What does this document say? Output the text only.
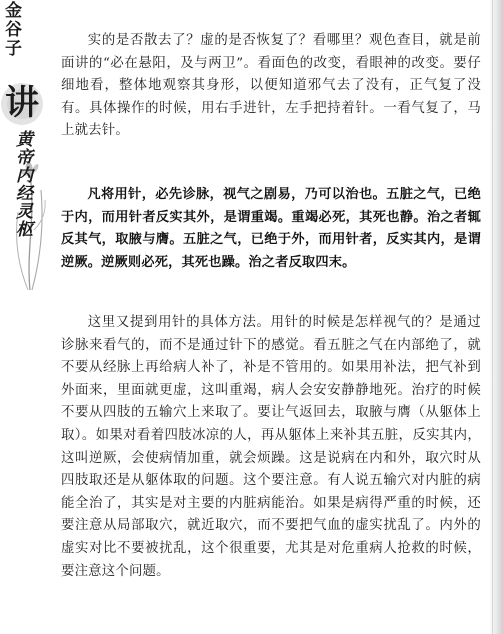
金
谷
子
讲
黄
帝
内
经
灵
枢

实的是否散去了？虚的是否恢复了？看哪里？观色查目，就是前面讲的“必在悬阳，及与两卫”。看面色的改变，看眼神的改变。要仔细地看，整体地观察其身形，以便知道邪气去了没有，正气复了没有。具体操作的时候，用右手进针，左手把持着针。一看气复了，马上就去针。

凡将用针，必先诊脉，视气之剧易，乃可以治也。五脏之气，已绝于内，而用针者反实其外，是谓重竭。重竭必死，其死也静。治之者辄反其气，取腋与膺。五脏之气，已绝于外，而用针者，反实其内，是谓逆厥。逆厥则必死，其死也躁。治之者反取四末。

这里又提到用针的具体方法。用针的时候是怎样视气的？是通过诊脉来看气的，而不是通过针下的感觉。看五脏之气在内部绝了，就不要从经脉上再给病人补了，补是不管用的。如果用补法，把气补到外面来，里面就更虚，这叫重竭，病人会安安静静地死。治疗的时候不要从四肢的五输穴上来取了。要让气返回去，取腋与膺（从躯体上取）。如果对看着四肢冰凉的人，再从躯体上来补其五脏，反实其内，这叫逆厥，会使病情加重，就会烦躁。这是说病在内和外，取穴时从四肢取还是从躯体取的问题。这个要注意。有人说五输穴对内脏的病能全治了，其实是对主要的内脏病能治。如果是病得严重的时候，还要注意从局部取穴，就近取穴，而不要把气血的虚实扰乱了。内外的虚实对比不要被扰乱，这个很重要，尤其是对危重病人抢救的时候，要注意这个问题。
